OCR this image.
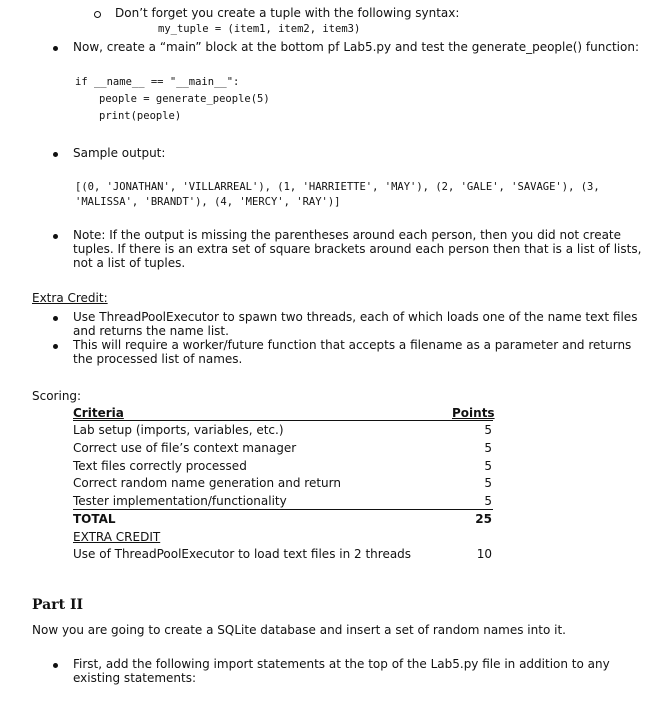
Don’t forget you create a tuple with the following syntax:
my_tuple = (item1, item2, item3)
Now, create a “main” block at the bottom pf Lab5.py and test the generate_people() function:
if __name__ == "__main__":
people = generate_people(5)
print(people)
Sample output:
[(0, 'JONATHAN', 'VILLARREAL'), (1, 'HARRIETTE', 'MAY'), (2, 'GALE', 'SAVAGE'), (3,
'MALISSA', 'BRANDT'), (4, 'MERCY', 'RAY')]
Note: If the output is missing the parentheses around each person, then you did not create
tuples. If there is an extra set of square brackets around each person then that is a list of lists,
not a list of tuples.
Extra Credit:
Use ThreadPoolExecutor to spawn two threads, each of which loads one of the name text files
and returns the name list.
This will require a worker/future function that accepts a filename as a parameter and returns
the processed list of names.
Scoring:
Criteria	Points
Lab setup (imports, variables, etc.)	5
Correct use of file’s context manager	5
Text files correctly processed	5
Correct random name generation and return	5
Tester implementation/functionality	5
TOTAL	25
EXTRA CREDIT
Use of ThreadPoolExecutor to load text files in 2 threads	10
Part II
Now you are going to create a SQLite database and insert a set of random names into it.
First, add the following import statements at the top of the Lab5.py file in addition to any
existing statements:
